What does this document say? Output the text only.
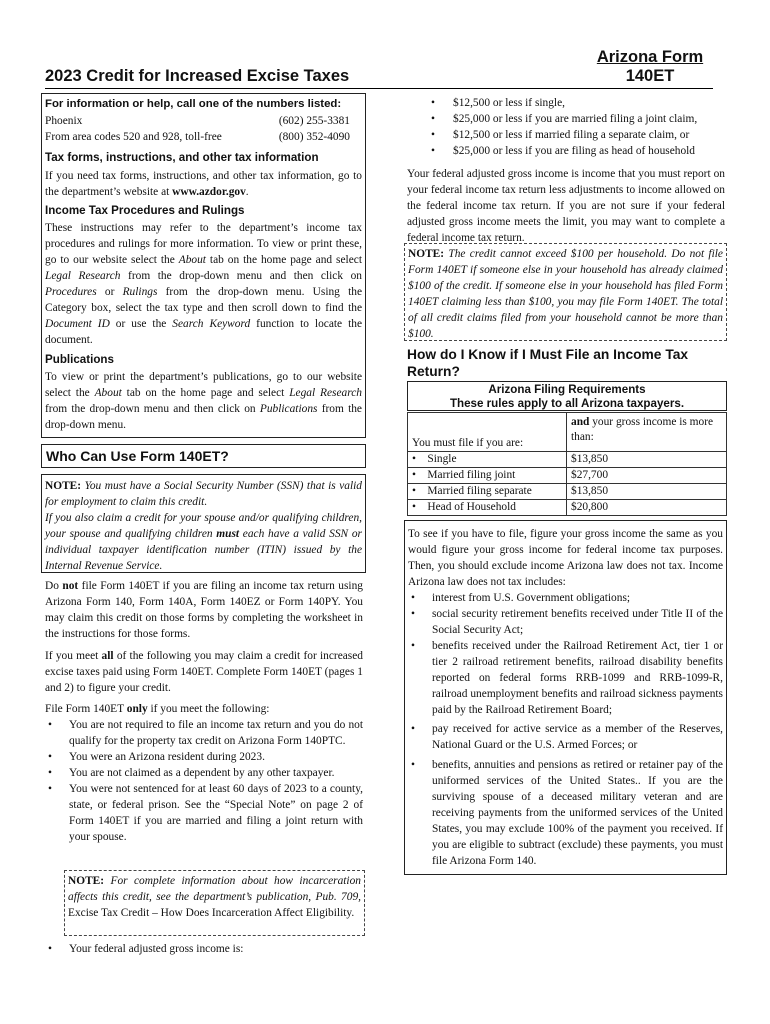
2023 Credit for Increased Excise Taxes
Arizona Form
140ET
For information or help, call one of the numbers listed:
Phoenix	(602) 255-3381
From area codes 520 and 928, toll-free	(800) 352-4090
Tax forms, instructions, and other tax information

If you need tax forms, instructions, and other tax information, go to the department’s website at www.azdor.gov.

Income Tax Procedures and Rulings

These instructions may refer to the department’s income tax procedures and rulings for more information. To view or print these, go to our website select the About tab on the home page and select Legal Research from the drop-down menu and then click on Procedures or Rulings from the drop-down menu. Using the Category box, select the tax type and then scroll down to find the Document ID or use the Search Keyword function to locate the document.

Publications

To view or print the department’s publications, go to our website select the About tab on the home page and select Legal Research from the drop-down menu and then click on Publications from the drop-down menu.

Who Can Use Form 140ET?

NOTE: You must have a Social Security Number (SSN) that is valid for employment to claim this credit.

If you also claim a credit for your spouse and/or qualifying children, your spouse and qualifying children must each have a valid SSN or individual taxpayer identification number (ITIN) issued by the Internal Revenue Service.

Do not file Form 140ET if you are filing an income tax return using Arizona Form 140, Form 140A, Form 140EZ or Form 140PY. You may claim this credit on those forms by completing the worksheet in the instructions for those forms.

If you meet all of the following you may claim a credit for increased excise taxes paid using Form 140ET. Complete Form 140ET (pages 1 and 2) to figure your credit.

File Form 140ET only if you meet the following:

• You are not required to file an income tax return and you do not qualify for the property tax credit on Arizona Form 140PTC.
• You were an Arizona resident during 2023.
• You are not claimed as a dependent by any other taxpayer.
• You were not sentenced for at least 60 days of 2023 to a county, state, or federal prison. See the “Special Note” on page 2 of Form 140ET if you are married and filing a joint return with your spouse.
NOTE: For complete information about how incarceration affects this credit, see the department’s publication, Pub. 709, Excise Tax Credit – How Does Incarceration Affect Eligibility.
• Your federal adjusted gross income is:
• $12,500 or less if single,
• $25,000 or less if you are married filing a joint claim,
• $12,500 or less if married filing a separate claim, or
• $25,000 or less if you are filing as head of household

Your federal adjusted gross income is income that you must report on your federal income tax return less adjustments to income allowed on the federal income tax return. If you are not sure if your federal adjusted gross income meets the limit, you may want to complete a federal income tax return.

NOTE: The credit cannot exceed $100 per household. Do not file Form 140ET if someone else in your household has already claimed $100 of the credit. If someone else in your household has filed Form 140ET claiming less than $100, you may file Form 140ET. The total of all credit claims filed from your household cannot be more than $100.
How do I Know if I Must File an Income Tax Return?
Arizona Filing Requirements
These rules apply to all Arizona taxpayers.
You must file if you are:	and your gross income is more than:
•    Single	$13,850
•    Married filing joint	$27,700
•    Married filing separate	$13,850
•    Head of Household	$20,800

To see if you have to file, figure your gross income the same as you would figure your gross income for federal income tax purposes. Then, you should exclude income Arizona law does not tax. Income Arizona law does not tax includes:

• interest from U.S. Government obligations;
• social security retirement benefits received under Title II of the Social Security Act;
• benefits received under the Railroad Retirement Act, tier 1 or tier 2 railroad retirement benefits, railroad disability benefits reported on federal forms RRB-1099 and RRB-1099-R, railroad unemployment benefits and railroad sickness payments paid by the Railroad Retirement Board;
• pay received for active service as a member of the Reserves, National Guard or the U.S. Armed Forces; or
• benefits, annuities and pensions as retired or retainer pay of the uniformed services of the United States.. If you are the surviving spouse of a deceased military veteran and are receiving payments from the uniformed services of the United States, you may exclude 100% of the payment you received. If you are eligible to subtract (exclude) these payments, you must file Arizona Form 140.
